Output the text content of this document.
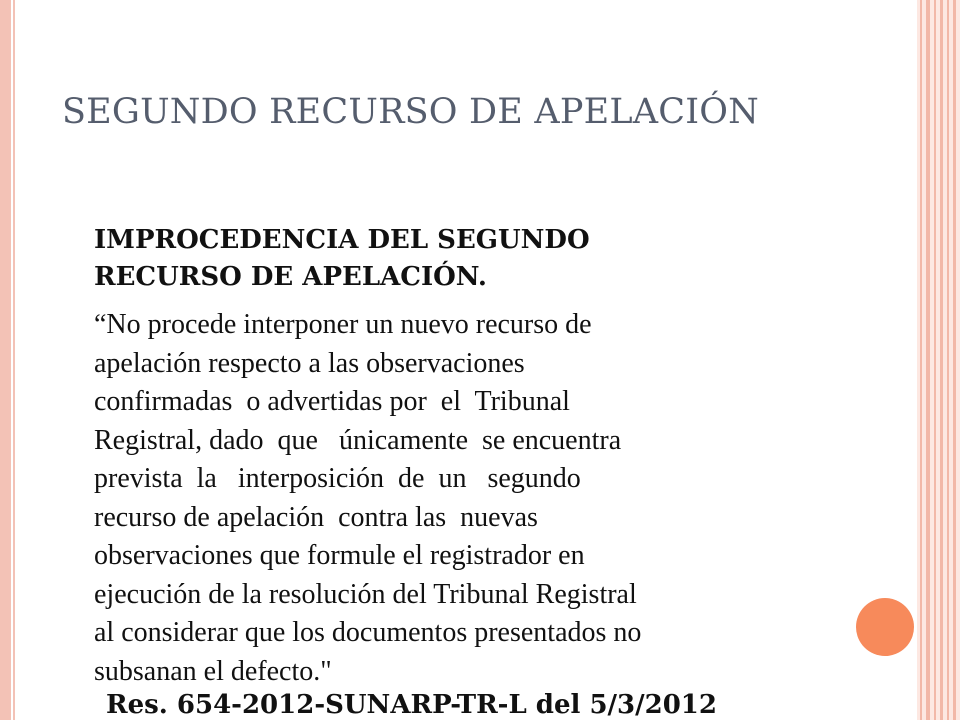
SEGUNDO RECURSO DE APELACIÓN

IMPROCEDENCIA DEL SEGUNDO
RECURSO DE APELACIÓN.

“No procede interponer un nuevo recurso de
apelación respecto a las observaciones
confirmadas  o advertidas por  el  Tribunal
Registral, dado  que   únicamente  se encuentra
prevista  la   interposición  de  un   segundo
recurso de apelación  contra las  nuevas
observaciones que formule el registrador en
ejecución de la resolución del Tribunal Registral
al considerar que los documentos presentados no
subsanan el defecto."

Res. 654-2012-SUNARP-TR-L del 5/3/2012
